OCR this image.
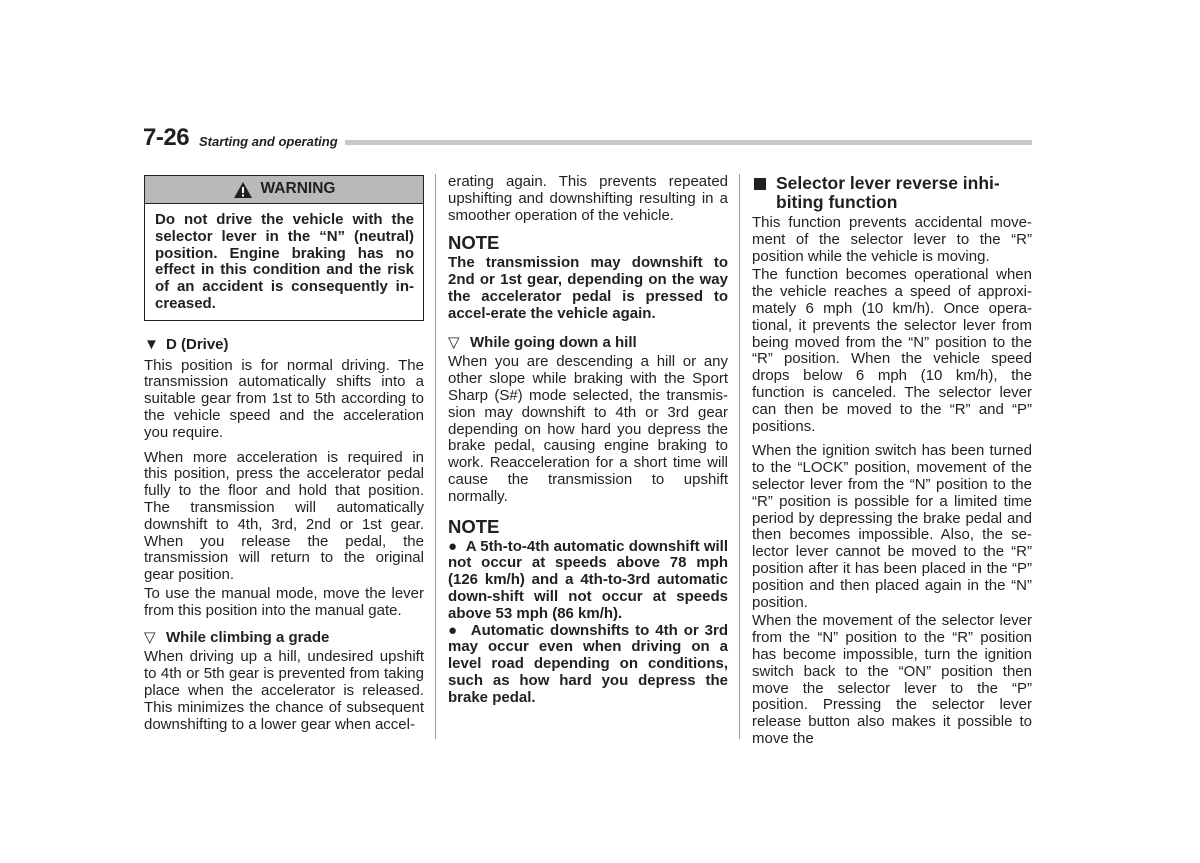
7-26 Starting and operating
WARNING
Do not drive the vehicle with the selector lever in the “N” (neutral) position. Engine braking has no effect in this condition and the risk of an accident is consequently in-creased.

▼ D (Drive)

This position is for normal driving. The transmission automatically shifts into a suitable gear from 1st to 5th according to the vehicle speed and the acceleration you require.

When more acceleration is required in this position, press the accelerator pedal fully to the floor and hold that position. The transmission will automatically downshift to 4th, 3rd, 2nd or 1st gear. When you release the pedal, the transmission will return to the original gear position.

To use the manual mode, move the lever from this position into the manual gate.

▽ While climbing a grade

When driving up a hill, undesired upshift to 4th or 5th gear is prevented from taking place when the accelerator is released. This minimizes the chance of subsequent downshifting to a lower gear when accel-

erating again. This prevents repeated upshifting and downshifting resulting in a smoother operation of the vehicle.

NOTE

The transmission may downshift to 2nd or 1st gear, depending on the way the accelerator pedal is pressed to accel-erate the vehicle again.

▽ While going down a hill

When you are descending a hill or any other slope while braking with the Sport Sharp (S#) mode selected, the transmis-sion may downshift to 4th or 3rd gear depending on how hard you depress the brake pedal, causing engine braking to work. Reacceleration for a short time will cause the transmission to upshift normally.

NOTE

●  A 5th-to-4th automatic downshift will not occur at speeds above 78 mph (126 km/h) and a 4th-to-3rd automatic down-shift will not occur at speeds above 53 mph (86 km/h).

●  Automatic downshifts to 4th or 3rd may occur even when driving on a level road depending on conditions, such as how hard you depress the brake pedal.

Selector lever reverse inhi-
biting function

This function prevents accidental move-ment of the selector lever to the “R” position while the vehicle is moving.

The function becomes operational when the vehicle reaches a speed of approxi-mately 6 mph (10 km/h). Once opera-tional, it prevents the selector lever from being moved from the “N” position to the “R” position. When the vehicle speed drops below 6 mph (10 km/h), the function is canceled. The selector lever can then be moved to the “R” and “P” positions.

When the ignition switch has been turned to the “LOCK” position, movement of the selector lever from the “N” position to the “R” position is possible for a limited time period by depressing the brake pedal and then becomes impossible. Also, the se-lector lever cannot be moved to the “R” position after it has been placed in the “P” position and then placed again in the “N” position.

When the movement of the selector lever from the “N” position to the “R” position has become impossible, turn the ignition switch back to the “ON” position then move the selector lever to the “P” position. Pressing the selector lever release button also makes it possible to move the
